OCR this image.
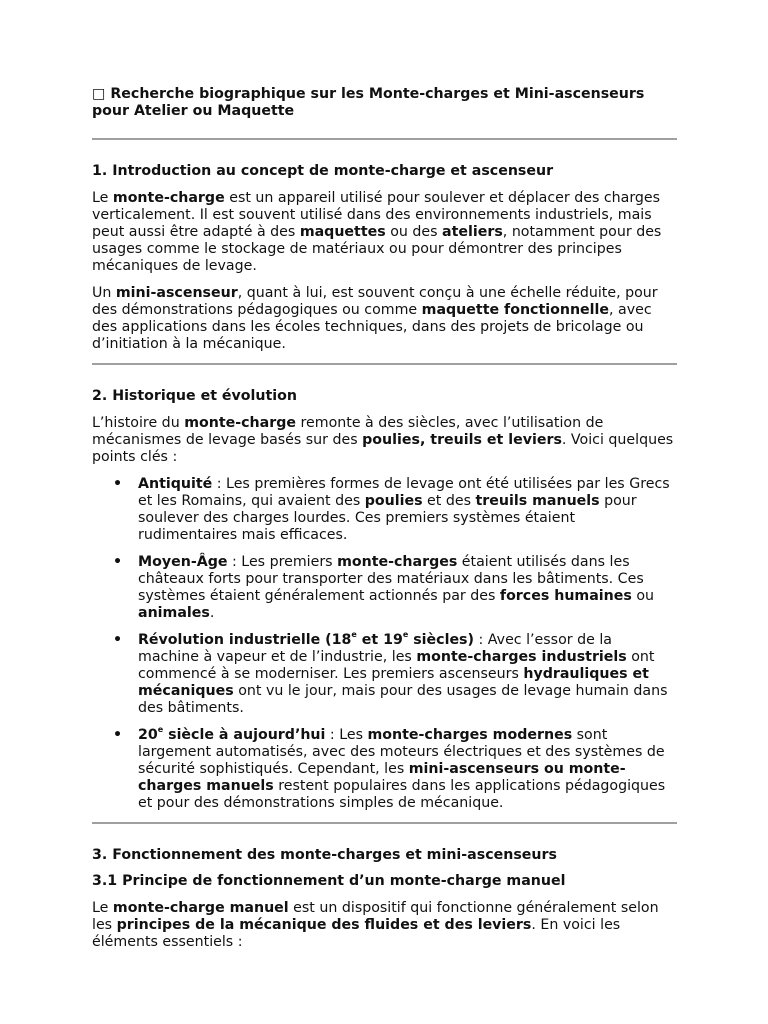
□ Recherche biographique sur les Monte-charges et Mini-ascenseurs
pour Atelier ou Maquette
1. Introduction au concept de monte-charge et ascenseur

Le monte-charge est un appareil utilisé pour soulever et déplacer des charges verticalement. Il est souvent utilisé dans des environnements industriels, mais peut aussi être adapté à des maquettes ou des ateliers, notamment pour des usages comme le stockage de matériaux ou pour démontrer des principes mécaniques de levage.

Un mini-ascenseur, quant à lui, est souvent conçu à une échelle réduite, pour des démonstrations pédagogiques ou comme maquette fonctionnelle, avec des applications dans les écoles techniques, dans des projets de bricolage ou d’initiation à la mécanique.

2. Historique et évolution

L’histoire du monte-charge remonte à des siècles, avec l’utilisation de mécanismes de levage basés sur des poulies, treuils et leviers. Voici quelques points clés :

• Antiquité : Les premières formes de levage ont été utilisées par les Grecs et les Romains, qui avaient des poulies et des treuils manuels pour soulever des charges lourdes. Ces premiers systèmes étaient rudimentaires mais efficaces.
• Moyen-Âge : Les premiers monte-charges étaient utilisés dans les châteaux forts pour transporter des matériaux dans les bâtiments. Ces systèmes étaient généralement actionnés par des forces humaines ou animales.
• Révolution industrielle (18e et 19e siècles) : Avec l’essor de la machine à vapeur et de l’industrie, les monte-charges industriels ont commencé à se moderniser. Les premiers ascenseurs hydrauliques et mécaniques ont vu le jour, mais pour des usages de levage humain dans des bâtiments.
• 20e siècle à aujourd’hui : Les monte-charges modernes sont largement automatisés, avec des moteurs électriques et des systèmes de sécurité sophistiqués. Cependant, les mini-ascenseurs ou monte-charges manuels restent populaires dans les applications pédagogiques et pour des démonstrations simples de mécanique.
3. Fonctionnement des monte-charges et mini-ascenseurs
3.1 Principe de fonctionnement d’un monte-charge manuel

Le monte-charge manuel est un dispositif qui fonctionne généralement selon les principes de la mécanique des fluides et des leviers. En voici les éléments essentiels :
